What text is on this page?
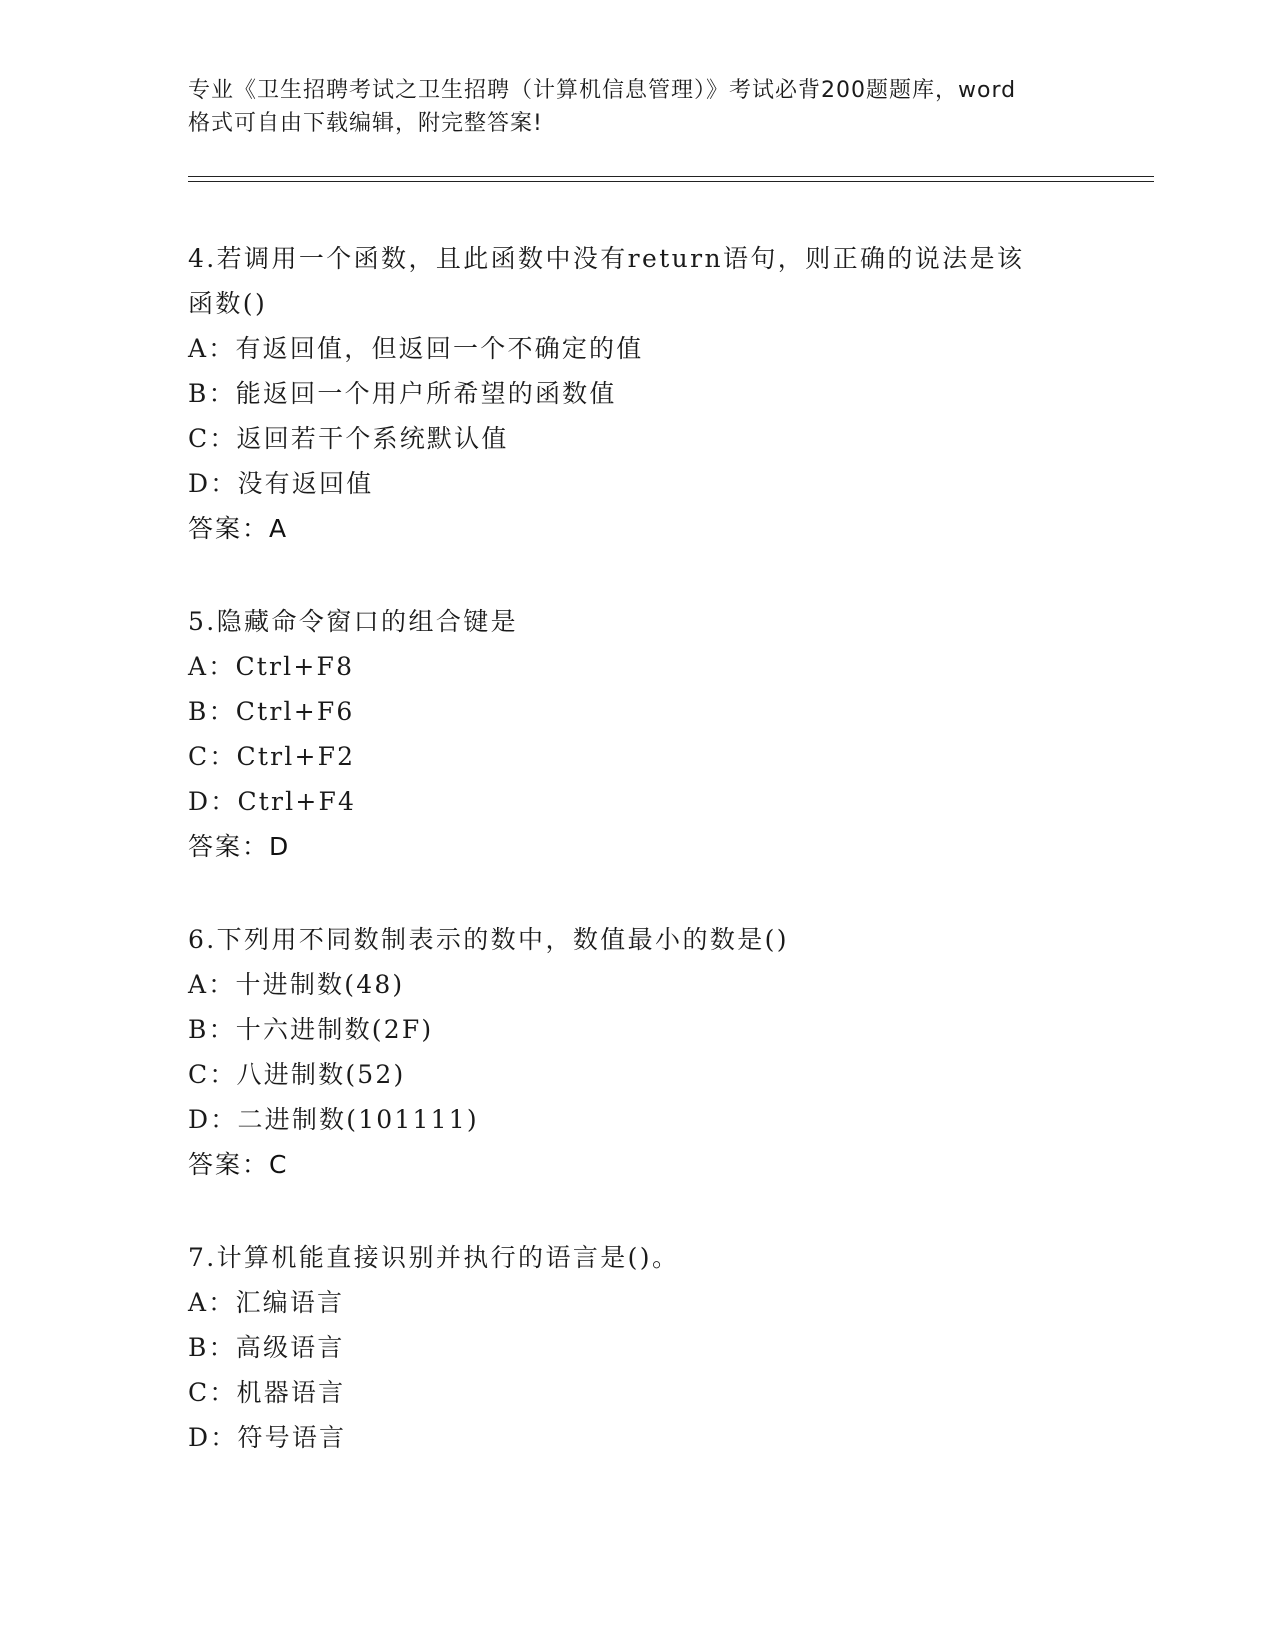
专业《卫生招聘考试之卫生招聘（计算机信息管理）》考试必背200题题库，word
格式可自由下载编辑，附完整答案!
4.若调用一个函数，且此函数中没有return语句，则正确的说法是该
函数()
A：有返回值，但返回一个不确定的值
B：能返回一个用户所希望的函数值
C：返回若干个系统默认值
D：没有返回值
答案：A
5.隐藏命令窗口的组合键是
A：Ctrl+F8
B：Ctrl+F6
C：Ctrl+F2
D：Ctrl+F4
答案：D
6.下列用不同数制表示的数中，数值最小的数是()
A：十进制数(48)
B：十六进制数(2F)
C：八进制数(52)
D：二进制数(101111)
答案：C
7.计算机能直接识别并执行的语言是()。
A：汇编语言
B：高级语言
C：机器语言
D：符号语言
